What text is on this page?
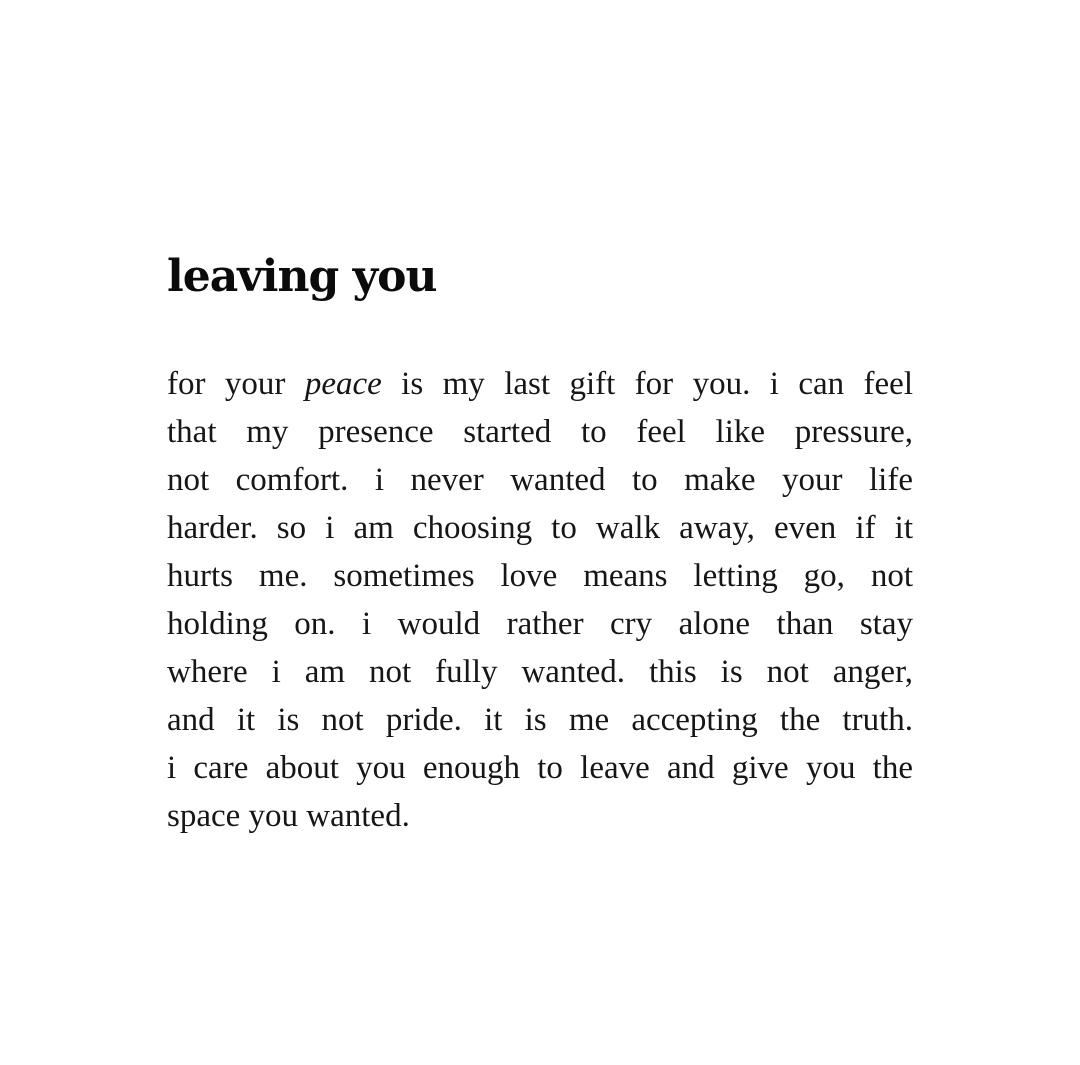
leaving you
for your peace is my last gift for you. i can feel
that my presence started to feel like pressure,
not comfort. i never wanted to make your life
harder. so i am choosing to walk away, even if it
hurts me. sometimes love means letting go, not
holding on. i would rather cry alone than stay
where i am not fully wanted. this is not anger,
and it is not pride. it is me accepting the truth.
i care about you enough to leave and give you the
space you wanted.
